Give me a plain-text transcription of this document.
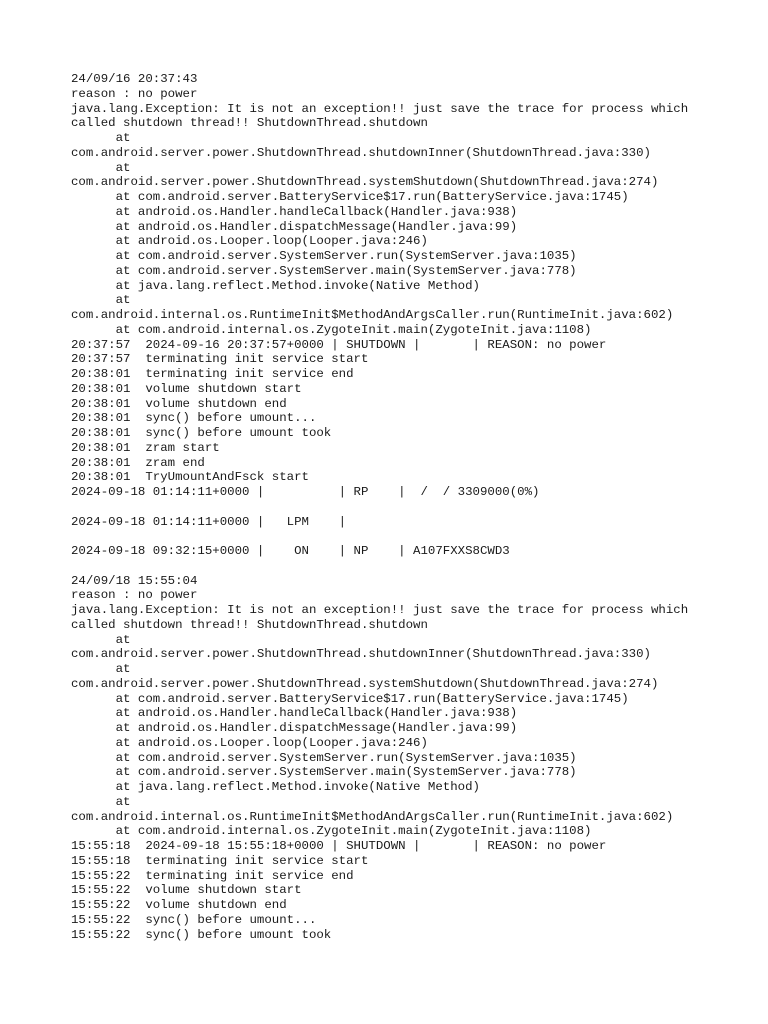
24/09/16 20:37:43
reason : no power
java.lang.Exception: It is not an exception!! just save the trace for process which
called shutdown thread!! ShutdownThread.shutdown
at
com.android.server.power.ShutdownThread.shutdownInner(ShutdownThread.java:330)
at
com.android.server.power.ShutdownThread.systemShutdown(ShutdownThread.java:274)
at com.android.server.BatteryService$17.run(BatteryService.java:1745)
at android.os.Handler.handleCallback(Handler.java:938)
at android.os.Handler.dispatchMessage(Handler.java:99)
at android.os.Looper.loop(Looper.java:246)
at com.android.server.SystemServer.run(SystemServer.java:1035)
at com.android.server.SystemServer.main(SystemServer.java:778)
at java.lang.reflect.Method.invoke(Native Method)
at
com.android.internal.os.RuntimeInit$MethodAndArgsCaller.run(RuntimeInit.java:602)
at com.android.internal.os.ZygoteInit.main(ZygoteInit.java:1108)
20:37:57  2024-09-16 20:37:57+0000 | SHUTDOWN |       | REASON: no power
20:37:57  terminating init service start
20:38:01  terminating init service end
20:38:01  volume shutdown start
20:38:01  volume shutdown end
20:38:01  sync() before umount...
20:38:01  sync() before umount took
20:38:01  zram start
20:38:01  zram end
20:38:01  TryUmountAndFsck start
2024-09-18 01:14:11+0000 |          | RP    |  /  / 3309000(0%)
2024-09-18 01:14:11+0000 |   LPM    |
2024-09-18 09:32:15+0000 |    ON    | NP    | A107FXXS8CWD3
24/09/18 15:55:04
reason : no power
java.lang.Exception: It is not an exception!! just save the trace for process which
called shutdown thread!! ShutdownThread.shutdown
at
com.android.server.power.ShutdownThread.shutdownInner(ShutdownThread.java:330)
at
com.android.server.power.ShutdownThread.systemShutdown(ShutdownThread.java:274)
at com.android.server.BatteryService$17.run(BatteryService.java:1745)
at android.os.Handler.handleCallback(Handler.java:938)
at android.os.Handler.dispatchMessage(Handler.java:99)
at android.os.Looper.loop(Looper.java:246)
at com.android.server.SystemServer.run(SystemServer.java:1035)
at com.android.server.SystemServer.main(SystemServer.java:778)
at java.lang.reflect.Method.invoke(Native Method)
at
com.android.internal.os.RuntimeInit$MethodAndArgsCaller.run(RuntimeInit.java:602)
at com.android.internal.os.ZygoteInit.main(ZygoteInit.java:1108)
15:55:18  2024-09-18 15:55:18+0000 | SHUTDOWN |       | REASON: no power
15:55:18  terminating init service start
15:55:22  terminating init service end
15:55:22  volume shutdown start
15:55:22  volume shutdown end
15:55:22  sync() before umount...
15:55:22  sync() before umount took
